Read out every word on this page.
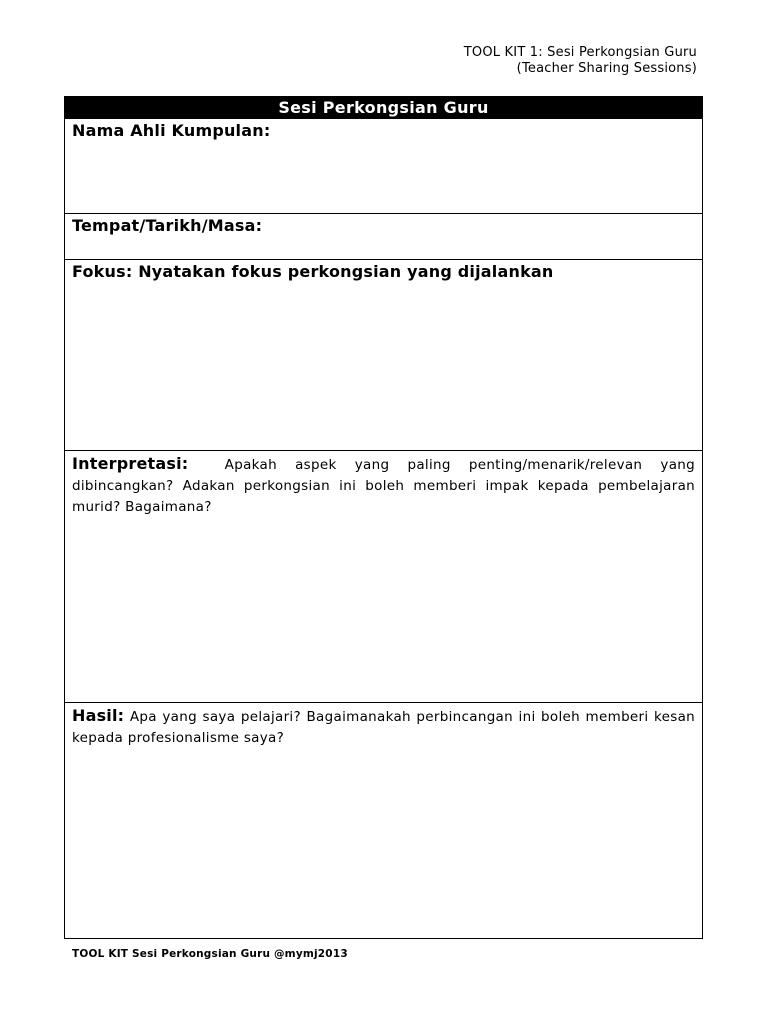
TOOL KIT 1: Sesi Perkongsian Guru
(Teacher Sharing Sessions)
Sesi Perkongsian Guru
Nama Ahli Kumpulan:
Tempat/Tarikh/Masa:
Fokus: Nyatakan fokus perkongsian yang dijalankan
Interpretasi:	Apakah aspek yang paling penting/menarik/relevan yang dibincangkan? Adakan perkongsian ini boleh memberi impak kepada pembelajaran murid? Bagaimana?
Hasil: Apa yang saya pelajari? Bagaimanakah perbincangan ini boleh memberi kesan kepada profesionalisme saya?
TOOL KIT Sesi Perkongsian Guru @mymj2013
